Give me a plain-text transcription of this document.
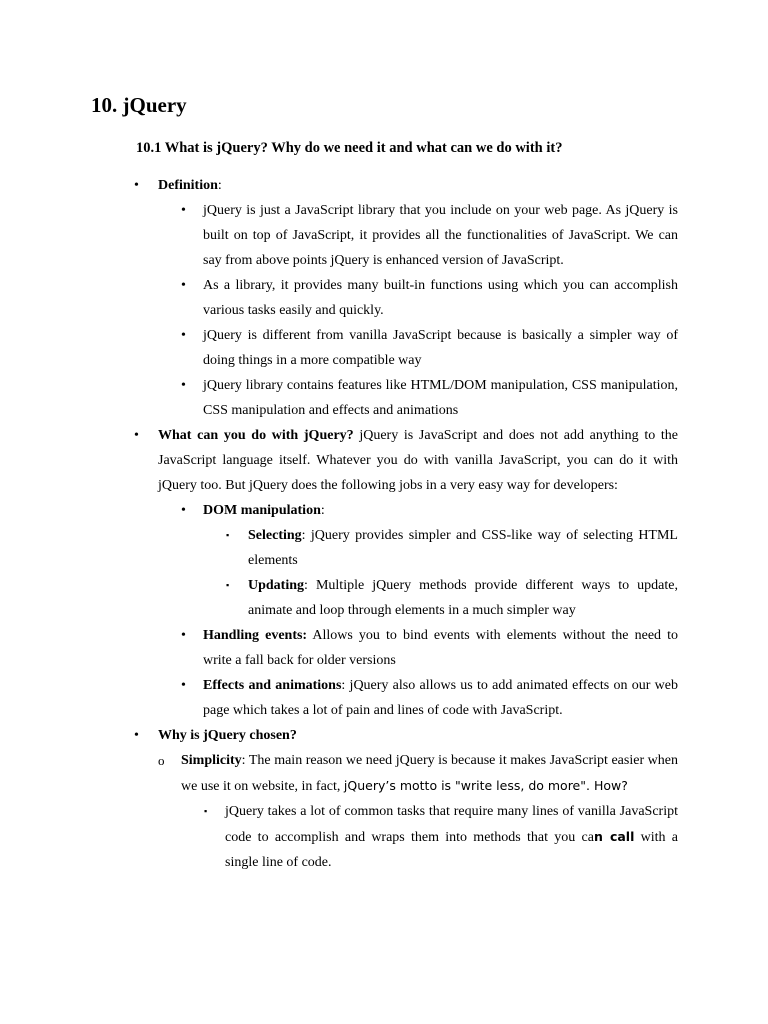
10. jQuery
10.1 What is jQuery? Why do we need it and what can we do with it?
• Definition:

• jQuery is just a JavaScript library that you include on your web page. As jQuery is built on top of JavaScript, it provides all the functionalities of JavaScript. We can say from above points jQuery is enhanced version of JavaScript.

• As a library, it provides many built-in functions using which you can accomplish various tasks easily and quickly.

• jQuery is different from vanilla JavaScript because is basically a simpler way of doing things in a more compatible way

• jQuery library contains features like HTML/DOM manipulation, CSS manipulation, CSS manipulation and effects and animations

• What can you do with jQuery? jQuery is JavaScript and does not add anything to the JavaScript language itself. Whatever you do with vanilla JavaScript, you can do it with jQuery too. But jQuery does the following jobs in a very easy way for developers:

• DOM manipulation:

▪ Selecting: jQuery provides simpler and CSS-like way of selecting HTML elements

▪ Updating: Multiple jQuery methods provide different ways to update, animate and loop through elements in a much simpler way

• Handling events: Allows you to bind events with elements without the need to write a fall back for older versions

• Effects and animations: jQuery also allows us to add animated effects on our web page which takes a lot of pain and lines of code with JavaScript.

• Why is jQuery chosen?

o Simplicity: The main reason we need jQuery is because it makes JavaScript easier when we use it on website, in fact, jQuery’s motto is "write less, do more". How?

▪ jQuery takes a lot of common tasks that require many lines of vanilla JavaScript code to accomplish and wraps them into methods that you can call with a single line of code.
